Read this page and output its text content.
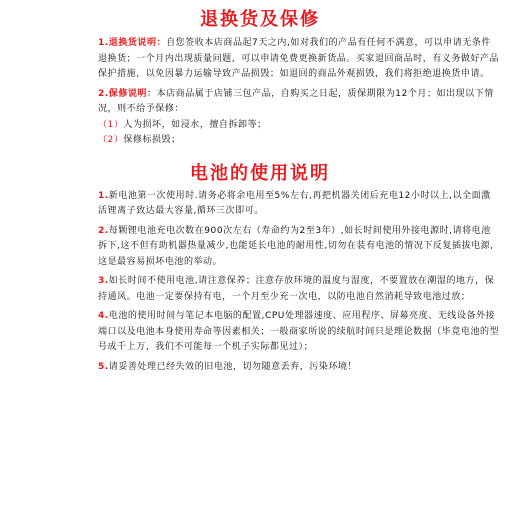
退换货及保修
1.退换货说明：自您签收本店商品起7天之内,如对我们的产品有任何不满意，可以申请无条件退换货；一个月内出现质量问题，可以申请免费更换新货品。买家退回商品时，有义务做好产品保护措施，以免因暴力运输导致产品损毁；如退回的商品外观损毁，我们将拒绝退换货申请。
2.保修说明：本店商品属于店铺三包产品，自购买之日起，质保期限为12个月；如出现以下情况，则不给予保修：
（1）人为损坏，如浸水，擅自拆卸等；
（2）保修标损毁；
电池的使用说明
1.新电池第一次使用时.请务必将余电用至5%左右,再把机器关闭后充电12小时以上,以全面激活锂离子致达最大容量,循环三次即可。
2.每颗锂电池充电次数在900次左右（寿命约为2至3年）,如长时间使用外接电源时,请将电池拆下,这不但有助机器热量减少,也能延长电池的耐用性,切勿在装有电池的情况下反复插拔电源,这是最容易损坏电池的举动。
3.如长时间不使用电池,请注意保养；注意存放环境的温度与湿度，不要置放在潮湿的地方，保持通风。电池一定要保持有电，一个月至少充一次电，以防电池自然消耗导致电池过放；
4.电池的使用时间与笔记本电脑的配置,CPU处理器速度、应用程序、屏幕亮度、无线设备外接端口以及电池本身使用寿命等因素相关；一般商家所说的续航时间只是理论数据（毕竟电池的型号成千上万，我们不可能每一个机子实际都见过）；
5.请妥善处理已经失效的旧电池，切勿随意丢弃，污染环境！
